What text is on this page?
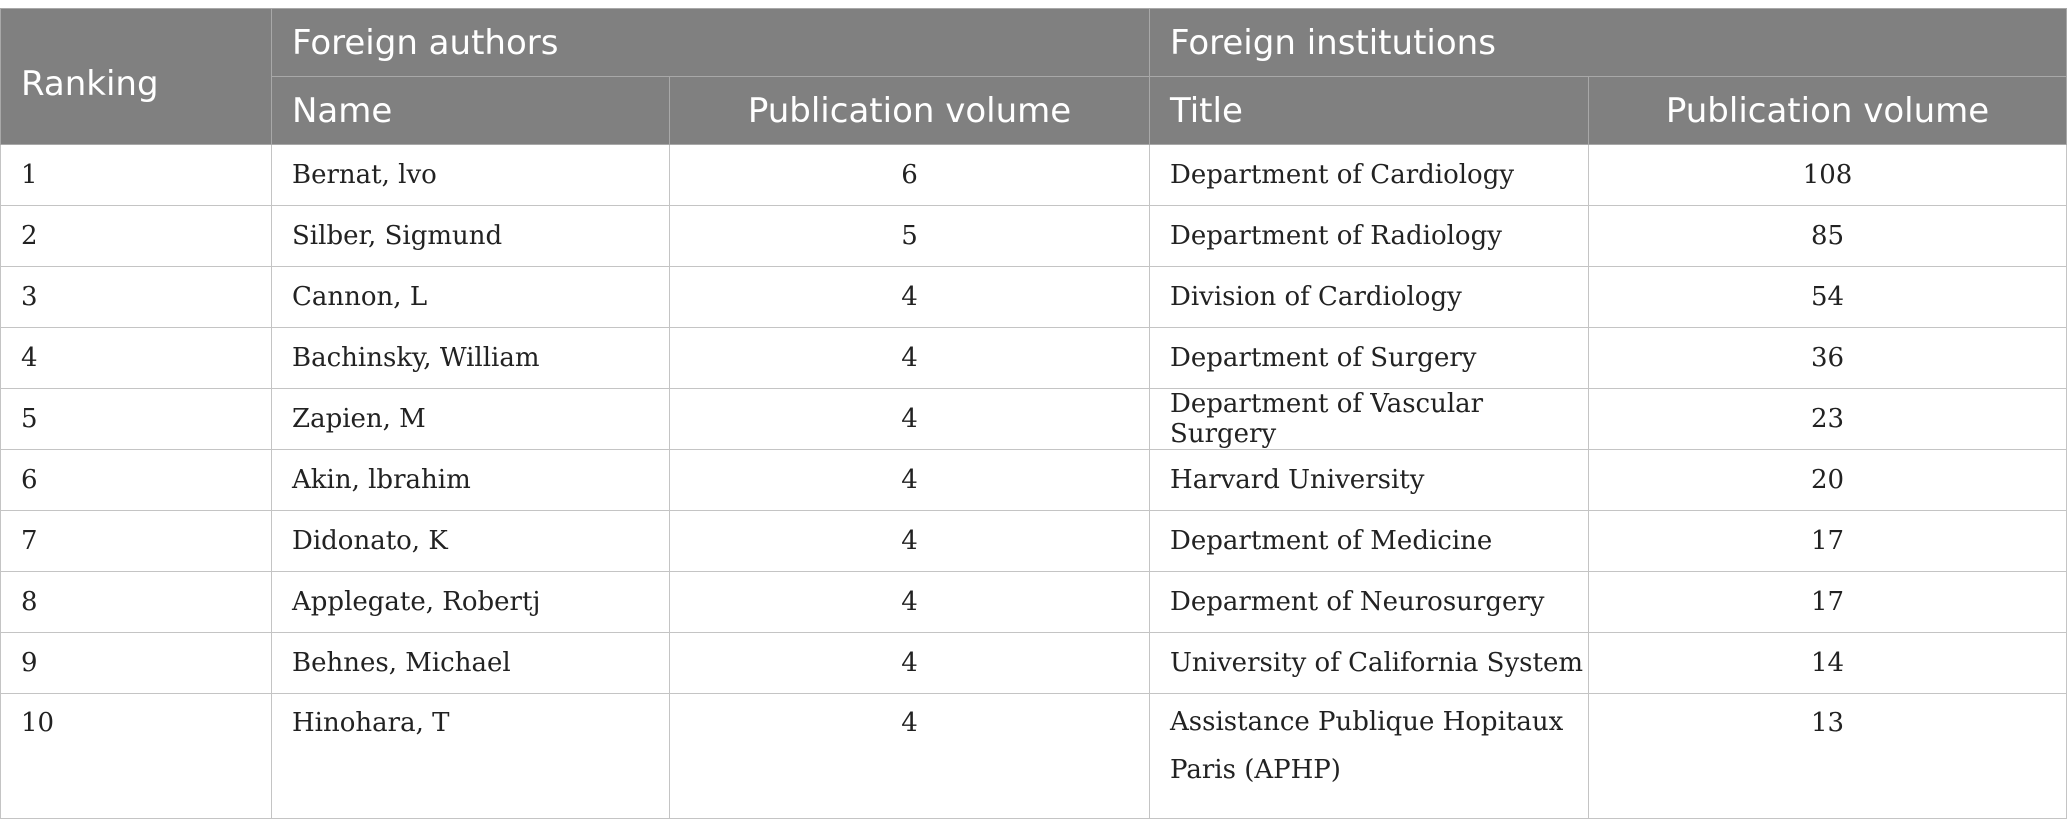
Ranking	Foreign authors		Foreign institutions	
	Name	Publication volume	Title	Publication volume
1	Bernat, lvo	6	Department of Cardiology	108
2	Silber, Sigmund	5	Department of Radiology	85
3	Cannon, L	4	Division of Cardiology	54
4	Bachinsky, William	4	Department of Surgery	36
5	Zapien, M	4	Department of Vascular Surgery	23
6	Akin, lbrahim	4	Harvard University	20
7	Didonato, K	4	Department of Medicine	17
8	Applegate, Robertj	4	Deparment of Neurosurgery	17
9	Behnes, Michael	4	University of California System	14
10	Hinohara, T	4	Assistance Publique Hopitaux Paris (APHP)	13
